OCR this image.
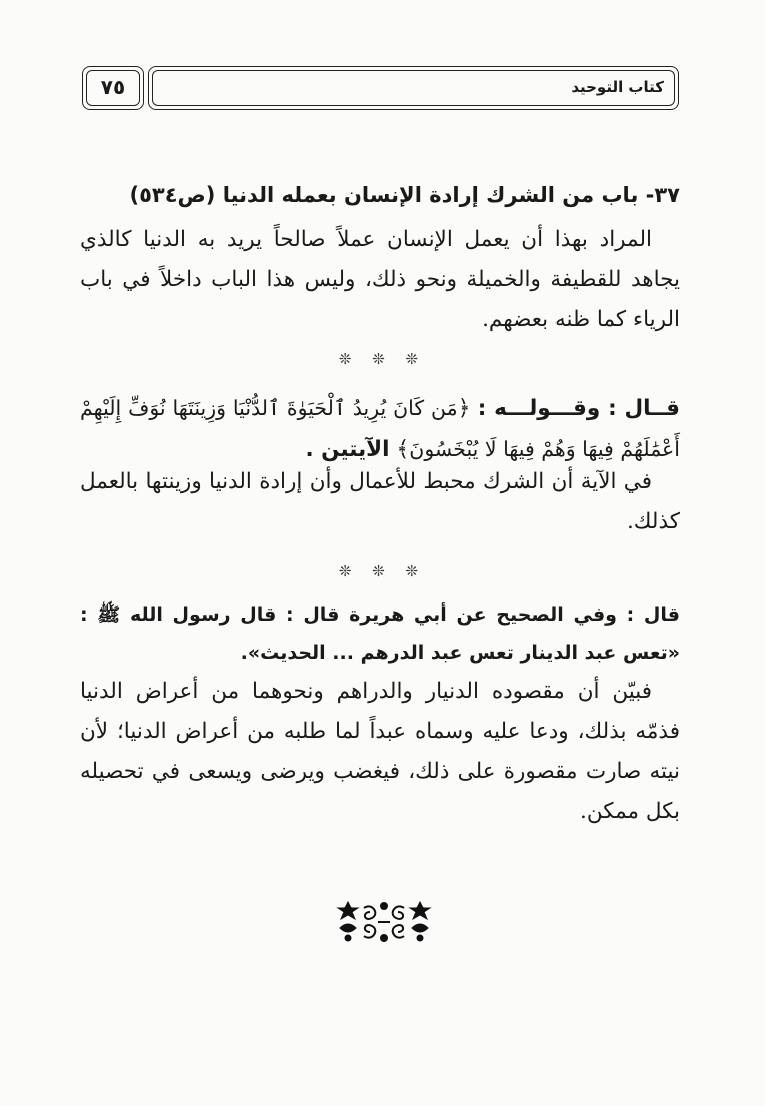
كتاب التوحيد
٧٥
٣٧- باب من الشرك إرادة الإنسان بعمله الدنيا (ص٥٣٤)
المراد بهذا أن يعمل الإنسان عملاً صالحاً يريد به الدنيا كالذي يجاهد للقطيفة والخميلة ونحو ذلك، وليس هذا الباب داخلاً في باب الرياء كما ظنه بعضهم.
❊ ❊ ❊
قــال : وقـــولـــه : ﴿مَن كَانَ يُرِيدُ ٱلْحَيَوٰةَ ٱلدُّنْيَا وَزِينَتَهَا نُوَفِّ إِلَيْهِمْ أَعْمَٰلَهُمْ فِيهَا وَهُمْ فِيهَا لَا يُبْخَسُونَ﴾ الآيتين .
في الآية أن الشرك محبط للأعمال وأن إرادة الدنيا وزينتها بالعمل كذلك.
❊ ❊ ❊
قال : وفي الصحيح عن أبي هريرة قال : قال رسول الله ﷺ : «تعس عبد الدينار تعس عبد الدرهم ... الحديث».
فبيّن أن مقصوده الدنيار والدراهم ونحوهما من أعراض الدنيا فذمّه بذلك، ودعا عليه وسماه عبداً لما طلبه من أعراض الدنيا؛ لأن نيته صارت مقصورة على ذلك، فيغضب ويرضى ويسعى في تحصيله بكل ممكن.
